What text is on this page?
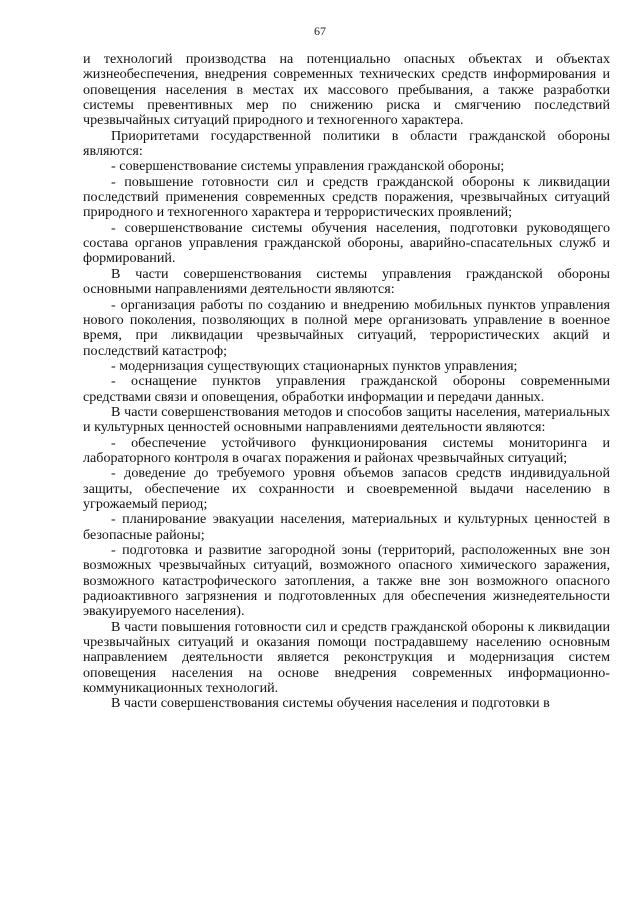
67

и технологий производства на потенциально опасных объектах и объектах жизнеобеспечения, внедрения современных технических средств информирования и оповещения населения в местах их массового пребывания, а также разработки системы превентивных мер по снижению риска и смягчению последствий чрезвычайных ситуаций природного и техногенного характера.

Приоритетами государственной политики в области гражданской обороны являются:

- совершенствование системы управления гражданской обороны;

- повышение готовности сил и средств гражданской обороны к ликвидации последствий применения современных средств поражения, чрезвычайных ситуаций природного и техногенного характера и террористических проявлений;

- совершенствование системы обучения населения, подготовки руководящего состава органов управления гражданской обороны, аварийно-спасательных служб и формирований.

В части совершенствования системы управления гражданской обороны основными направлениями деятельности являются:

- организация работы по созданию и внедрению мобильных пунктов управления нового поколения, позволяющих в полной мере организовать управление в военное время, при ликвидации чрезвычайных ситуаций, террористических акций и последствий катастроф;

- модернизация существующих стационарных пунктов управления;

- оснащение пунктов управления гражданской обороны современными средствами связи и оповещения, обработки информации и передачи данных.

В части совершенствования методов и способов защиты населения, материальных и культурных ценностей основными направлениями деятельности являются:

- обеспечение устойчивого функционирования системы мониторинга и лабораторного контроля в очагах поражения и районах чрезвычайных ситуаций;

- доведение до требуемого уровня объемов запасов средств индивидуальной защиты, обеспечение их сохранности и своевременной выдачи населению в угрожаемый период;

- планирование эвакуации населения, материальных и культурных ценностей в безопасные районы;

- подготовка и развитие загородной зоны (территорий, расположенных вне зон возможных чрезвычайных ситуаций, возможного опасного химического заражения, возможного катастрофического затопления, а также вне зон возможного опасного радиоактивного загрязнения и подготовленных для обеспечения жизнедеятельности эвакуируемого населения).

В части повышения готовности сил и средств гражданской обороны к ликвидации чрезвычайных ситуаций и оказания помощи пострадавшему населению основным направлением деятельности является реконструкция и модернизация систем оповещения населения на основе внедрения современных информационно-коммуникационных технологий.

В части совершенствования системы обучения населения и подготовки в
